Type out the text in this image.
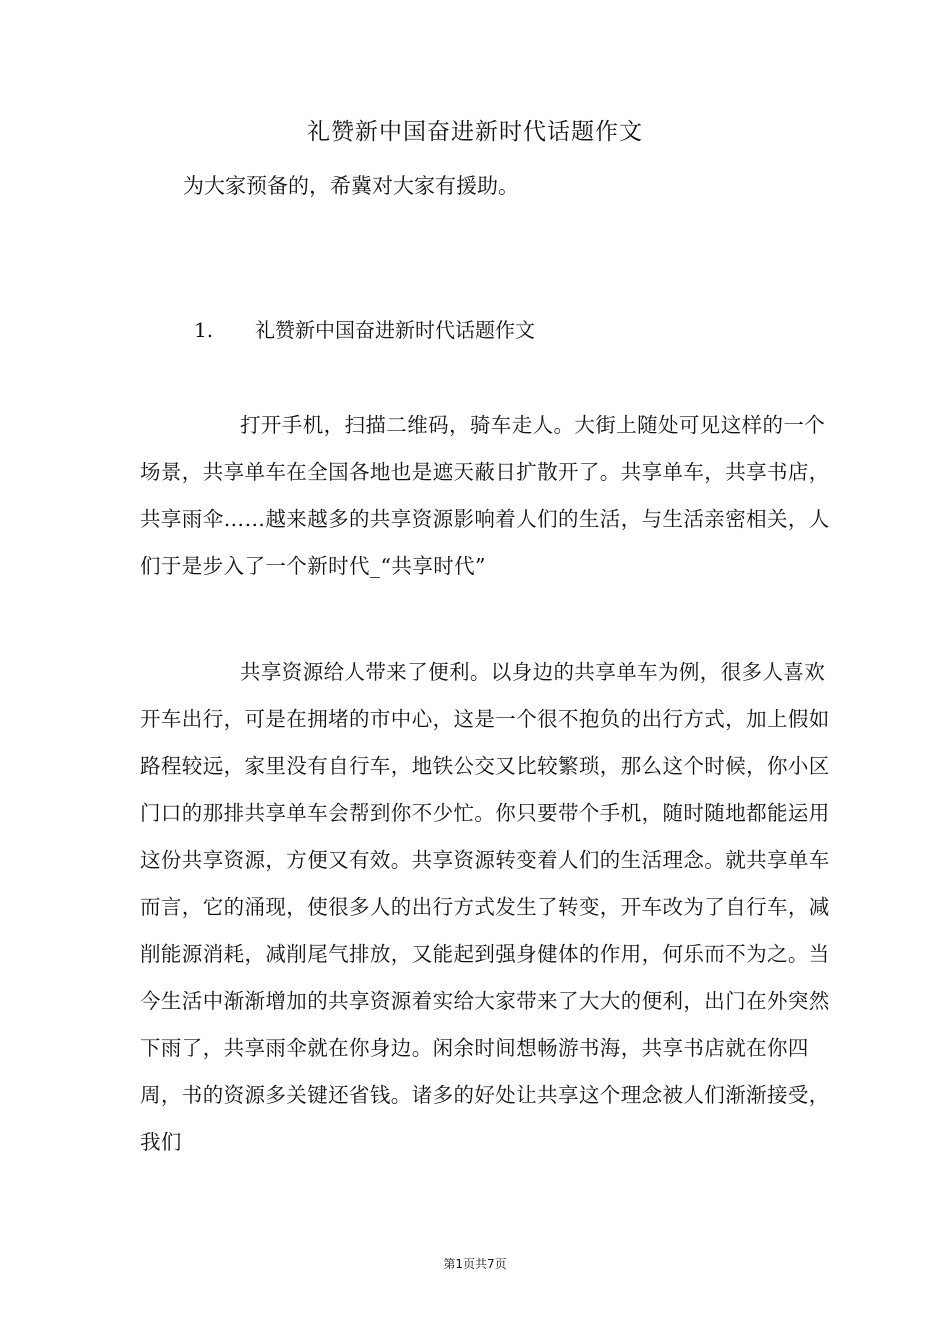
礼赞新中国奋进新时代话题作文

为大家预备的，希冀对大家有援助。

1. 礼赞新中国奋进新时代话题作文

打开手机，扫描二维码，骑车走人。大街上随处可见这样的一个场景，共享单车在全国各地也是遮天蔽日扩散开了。共享单车，共享书店，共享雨伞……越来越多的共享资源影响着人们的生活，与生活亲密相关，人们于是步入了一个新时代_“共享时代”

共享资源给人带来了便利。以身边的共享单车为例，很多人喜欢开车出行，可是在拥堵的市中心，这是一个很不抱负的出行方式，加上假如路程较远，家里没有自行车，地铁公交又比较繁琐，那么这个时候，你小区门口的那排共享单车会帮到你不少忙。你只要带个手机，随时随地都能运用这份共享资源，方便又有效。共享资源转变着人们的生活理念。就共享单车而言，它的涌现，使很多人的出行方式发生了转变，开车改为了自行车，减削能源消耗，减削尾气排放，又能起到强身健体的作用，何乐而不为之。当今生活中渐渐增加的共享资源着实给大家带来了大大的便利，出门在外突然下雨了，共享雨伞就在你身边。闲余时间想畅游书海，共享书店就在你四周，书的资源多关键还省钱。诸多的好处让共享这个理念被人们渐渐接受，我们

第1页共7页
